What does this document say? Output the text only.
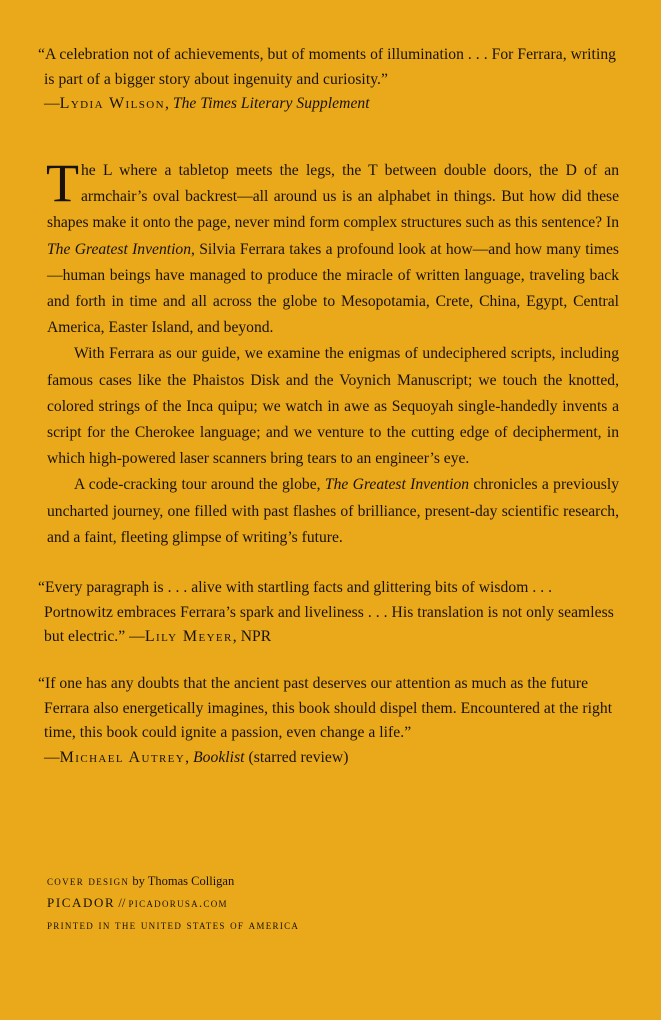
“A celebration not of achievements, but of moments of illumination . . . For Ferrara, writing is part of a bigger story about ingenuity and curiosity.”

—Lydia Wilson, The Times Literary Supplement

The L where a tabletop meets the legs, the T between double doors, the D of an armchair’s oval backrest—all around us is an alphabet in things. But how did these shapes make it onto the page, never mind form complex structures such as this sentence? In The Greatest Invention, Silvia Ferrara takes a profound look at how—and how many times—human beings have managed to produce the miracle of written language, traveling back and forth in time and all across the globe to Mesopotamia, Crete, China, Egypt, Central America, Easter Island, and beyond.

With Ferrara as our guide, we examine the enigmas of undeciphered scripts, including famous cases like the Phaistos Disk and the Voynich Manuscript; we touch the knotted, colored strings of the Inca quipu; we watch in awe as Sequoyah single-handedly invents a script for the Cherokee language; and we venture to the cutting edge of decipherment, in which high-powered laser scanners bring tears to an engineer’s eye.

A code-cracking tour around the globe, The Greatest Invention chronicles a previously uncharted journey, one filled with past flashes of brilliance, present-day scientific research, and a faint, fleeting glimpse of writing’s future.

“Every paragraph is . . . alive with startling facts and glittering bits of wisdom . . . Portnowitz embraces Ferrara’s spark and liveliness . . . His translation is not only seamless but electric.” —Lily Meyer, NPR

“If one has any doubts that the ancient past deserves our attention as much as the future Ferrara also energetically imagines, this book should dispel them. Encountered at the right time, this book could ignite a passion, even change a life.”

—Michael Autrey, Booklist (starred review)
cover design by Thomas Colligan
PICADOR // picadorusa.com
printed in the united states of america
